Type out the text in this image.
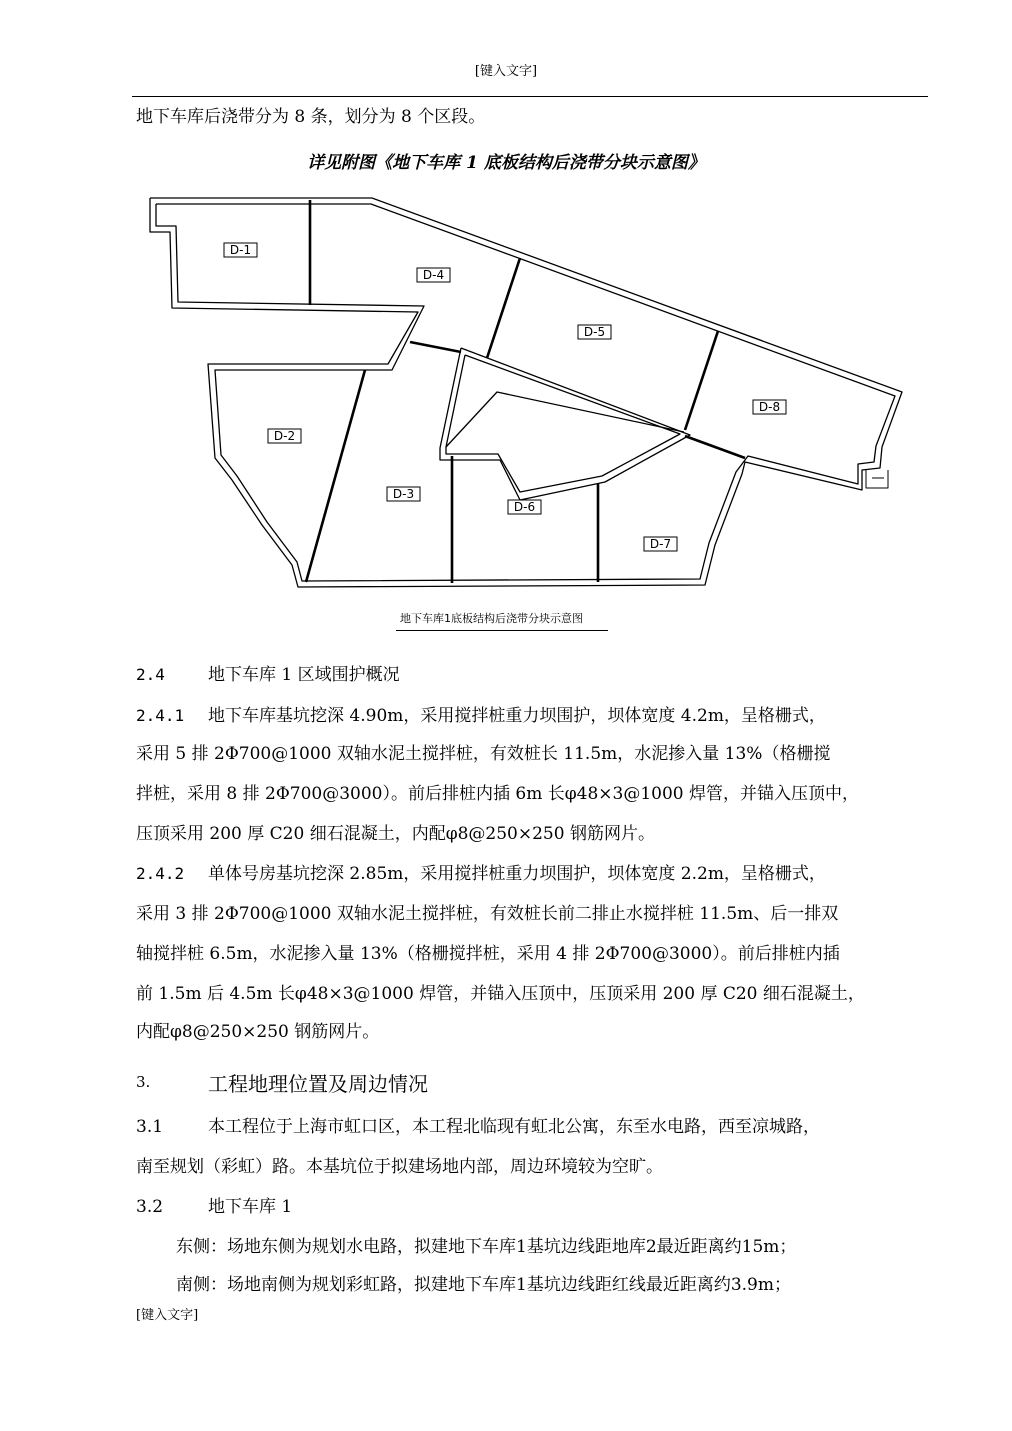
[键入文字]
地下车库后浇带分为 8 条，划分为 8 个区段。
详见附图《地下车库 1 底板结构后浇带分块示意图》
D-1
D-2
D-3
D-4
D-5
D-6
D-7
D-8
地下车库1底板结构后浇带分块示意图
2.4	地下车库 1 区域围护概况
2.4.1 地下车库基坑挖深 4.90m，采用搅拌桩重力坝围护，坝体宽度 4.2m，呈格栅式，
采用 5 排 2Φ700@1000 双轴水泥土搅拌桩，有效桩长 11.5m，水泥掺入量 13%（格栅搅
拌桩，采用 8 排 2Φ700@3000）。前后排桩内插 6m 长φ48×3@1000 焊管，并锚入压顶中，
压顶采用 200 厚 C20 细石混凝土，内配φ8@250×250 钢筋网片。
2.4.2 单体号房基坑挖深 2.85m，采用搅拌桩重力坝围护，坝体宽度 2.2m，呈格栅式，
采用 3 排 2Φ700@1000 双轴水泥土搅拌桩，有效桩长前二排止水搅拌桩 11.5m、后一排双
轴搅拌桩 6.5m，水泥掺入量 13%（格栅搅拌桩，采用 4 排 2Φ700@3000）。前后排桩内插
前 1.5m 后 4.5m 长φ48×3@1000 焊管，并锚入压顶中，压顶采用 200 厚 C20 细石混凝土，
内配φ8@250×250 钢筋网片。
3.	工程地理位置及周边情况
3.1	本工程位于上海市虹口区，本工程北临现有虹北公寓，东至水电路，西至凉城路，
南至规划（彩虹）路。本基坑位于拟建场地内部，周边环境较为空旷。
3.2	地下车库 1
东侧：场地东侧为规划水电路，拟建地下车库1基坑边线距地库2最近距离约15m；
南侧：场地南侧为规划彩虹路，拟建地下车库1基坑边线距红线最近距离约3.9m；
[键入文字]
